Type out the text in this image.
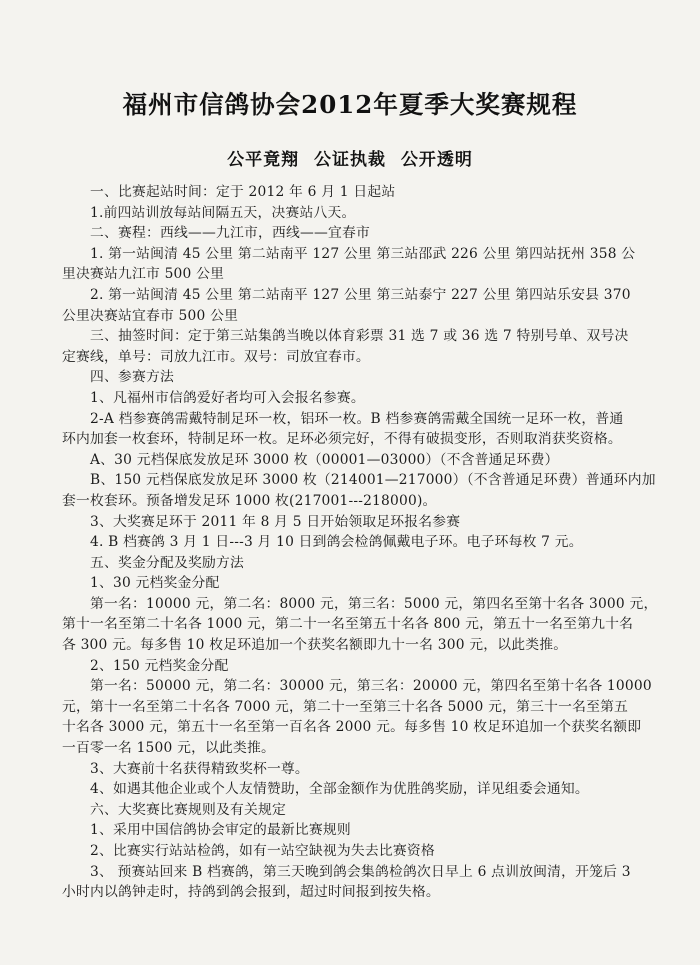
福州市信鸽协会2012年夏季大奖赛规程
公平竟翔 公证执裁 公开透明
一、比赛起站时间：定于 2012 年 6 月 1 日起站
1.前四站训放每站间隔五天，决赛站八天。
二、赛程：西线——九江市，西线——宜春市
1. 第一站闽清 45 公里 第二站南平 127 公里 第三站邵武 226 公里 第四站抚州 358 公
里决赛站九江市 500 公里
2. 第一站闽清 45 公里 第二站南平 127 公里 第三站泰宁 227 公里 第四站乐安县 370
公里决赛站宜春市 500 公里
三、抽签时间：定于第三站集鸽当晚以体育彩票 31 选 7 或 36 选 7 特别号单、双号决
定赛线，单号：司放九江市。双号：司放宜春市。
四、参赛方法
1、凡福州市信鸽爱好者均可入会报名参赛。
2-A 档参赛鸽需戴特制足环一枚，铝环一枚。B 档参赛鸽需戴全国统一足环一枚，普通
环内加套一枚套环，特制足环一枚。足环必须完好，不得有破损变形，否则取消获奖资格。
A、30 元档保底发放足环 3000 枚（00001—03000）（不含普通足环费）
B、150 元档保底发放足环 3000 枚（214001—217000）（不含普通足环费）普通环内加
套一枚套环。预备增发足环 1000 枚(217001---218000)。
3、大奖赛足环于 2011 年 8 月 5 日开始领取足环报名参赛
4. B 档赛鸽 3 月 1 日---3 月 10 日到鸽会检鸽佩戴电子环。电子环每枚 7 元。
五、奖金分配及奖励方法
1、30 元档奖金分配
第一名：10000 元，第二名：8000 元，第三名：5000 元，第四名至第十名各 3000 元，
第十一名至第二十名各 1000 元，第二十一名至第五十名各 800 元，第五十一名至第九十名
各 300 元。每多售 10 枚足环追加一个获奖名额即九十一名 300 元，以此类推。
2、150 元档奖金分配
第一名：50000 元，第二名：30000 元，第三名：20000 元，第四名至第十名各 10000
元，第十一名至第二十名各 7000 元，第二十一至第三十名各 5000 元，第三十一名至第五
十名各 3000 元，第五十一名至第一百名各 2000 元。每多售 10 枚足环追加一个获奖名额即
一百零一名 1500 元，以此类推。
3、大赛前十名获得精致奖杯一尊。
4、如遇其他企业或个人友情赞助，全部金额作为优胜鸽奖励，详见组委会通知。
六、大奖赛比赛规则及有关规定
1、采用中国信鸽协会审定的最新比赛规则
2、比赛实行站站检鸽，如有一站空缺视为失去比赛资格
3、 预赛站回来 B 档赛鸽，第三天晚到鸽会集鸽检鸽次日早上 6 点训放闽清，开笼后 3
小时内以鸽钟走时，持鸽到鸽会报到，超过时间报到按失格。
